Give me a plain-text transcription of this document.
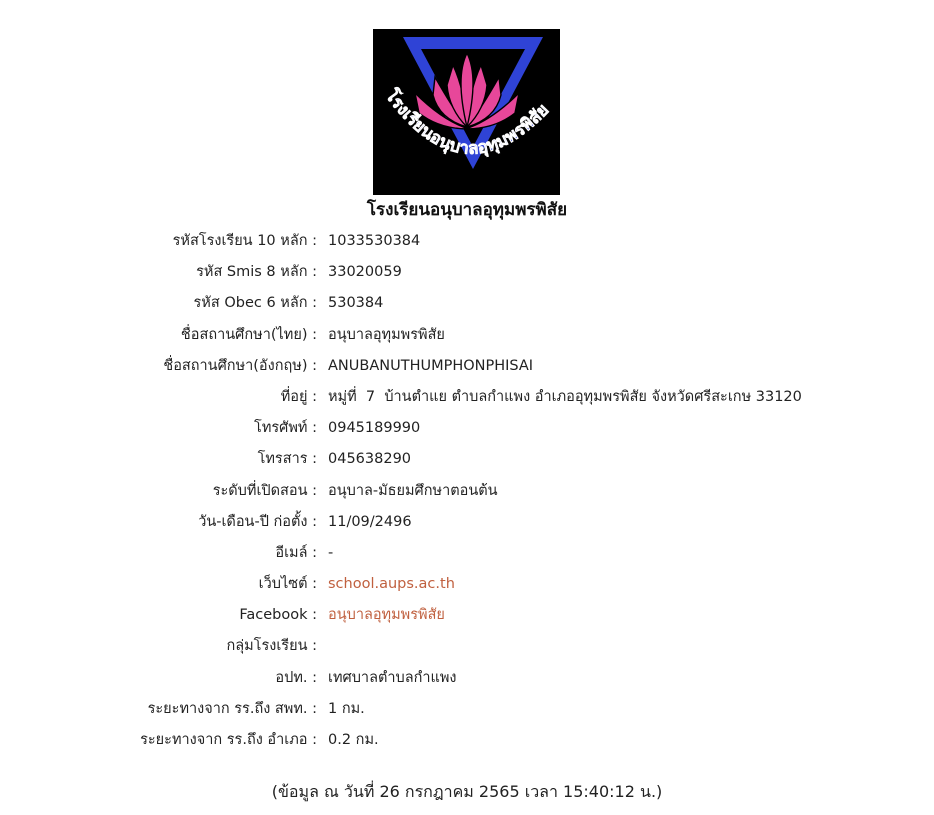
โรงเรียนอนุบาลอุทุมพรพิสัย
โรงเรียนอนุบาลอุทุมพรพิสัย
รหัสโรงเรียน 10 หลัก : 1033530384
รหัส Smis 8 หลัก : 33020059
รหัส Obec 6 หลัก : 530384
ชื่อสถานศึกษา(ไทย) : อนุบาลอุทุมพรพิสัย
ชื่อสถานศึกษา(อังกฤษ) : ANUBANUTHUMPHONPHISAI
ที่อยู่ : หมู่ที่  7  บ้านตำแย ตำบลกำแพง อำเภออุทุมพรพิสัย จังหวัดศรีสะเกษ 33120
โทรศัพท์ : 0945189990
โทรสาร : 045638290
ระดับที่เปิดสอน : อนุบาล-มัธยมศึกษาตอนต้น
วัน-เดือน-ปี ก่อตั้ง : 11/09/2496
อีเมล์ : -
เว็บไซต์ : school.aups.ac.th
Facebook : อนุบาลอุทุมพรพิสัย
กลุ่มโรงเรียน :
อปท. : เทศบาลตำบลกำแพง
ระยะทางจาก รร.ถึง สพท. : 1 กม.
ระยะทางจาก รร.ถึง อำเภอ : 0.2 กม.
(ข้อมูล ณ วันที่ 26 กรกฎาคม 2565 เวลา 15:40:12 น.)
